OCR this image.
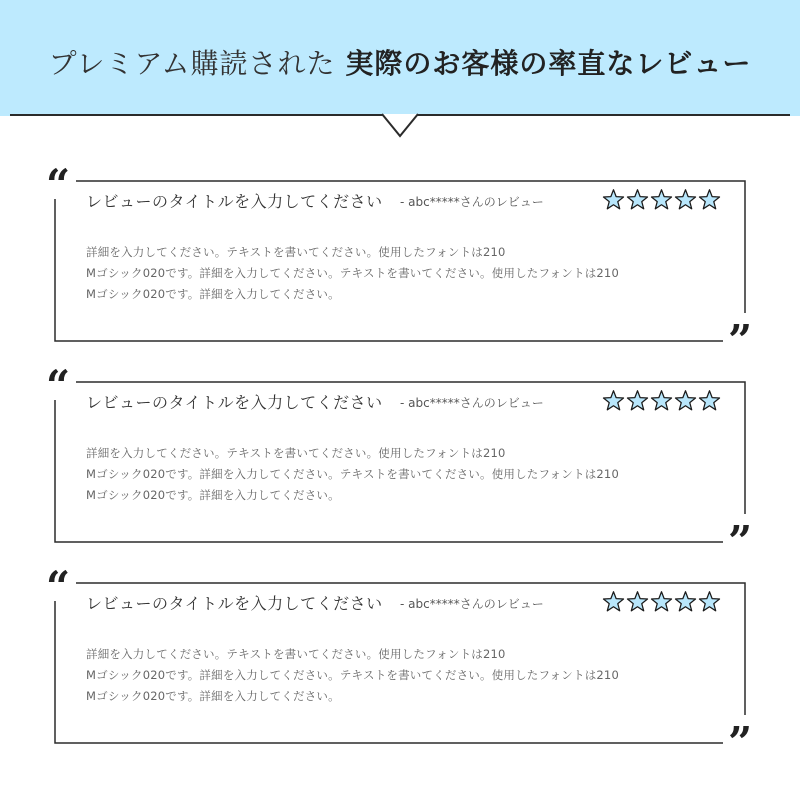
プレミアム購読された 実際のお客様の率直なレビュー
“
”
レビューのタイトルを入力してください - abc*****さんのレビュー
詳細を入力してください。テキストを書いてください。使用したフォントは210
Mゴシック020です。詳細を入力してください。テキストを書いてください。使用したフォントは210
Mゴシック020です。詳細を入力してください。
“
”
レビューのタイトルを入力してください - abc*****さんのレビュー
詳細を入力してください。テキストを書いてください。使用したフォントは210
Mゴシック020です。詳細を入力してください。テキストを書いてください。使用したフォントは210
Mゴシック020です。詳細を入力してください。
“
”
レビューのタイトルを入力してください - abc*****さんのレビュー
詳細を入力してください。テキストを書いてください。使用したフォントは210
Mゴシック020です。詳細を入力してください。テキストを書いてください。使用したフォントは210
Mゴシック020です。詳細を入力してください。
